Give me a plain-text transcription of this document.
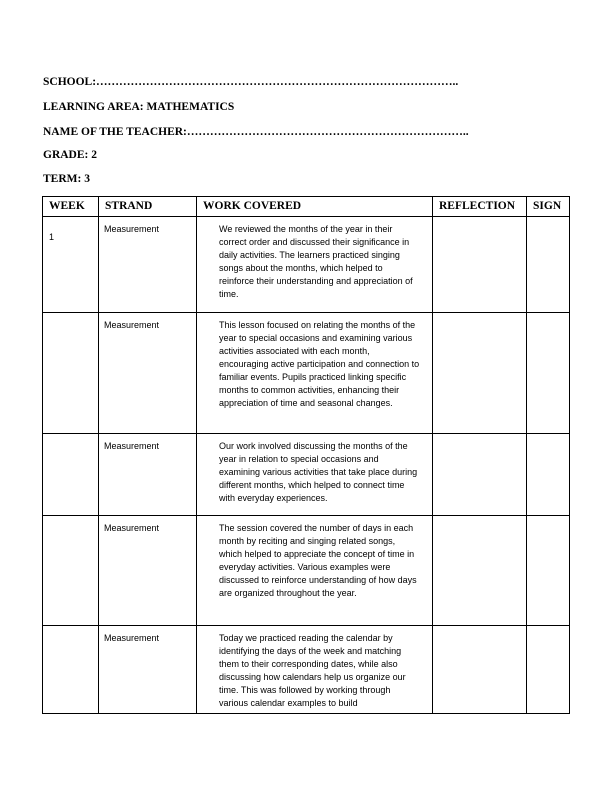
SCHOOL:…………………………………………………………………………………..
LEARNING AREA: MATHEMATICS
NAME OF THE TEACHER:………………………………………………………………..
GRADE: 2
TERM: 3
WEEK	STRAND	WORK COVERED	REFLECTION	SIGN
1	Measurement	We reviewed the months of the year in their correct order and discussed their significance in daily activities. The learners practiced singing songs about the months, which helped to reinforce their understanding and appreciation of time.		
	Measurement	This lesson focused on relating the months of the year to special occasions and examining various activities associated with each month, encouraging active participation and connection to familiar events. Pupils practiced linking specific months to common activities, enhancing their appreciation of time and seasonal changes.		
	Measurement	Our work involved discussing the months of the year in relation to special occasions and examining various activities that take place during different months, which helped to connect time with everyday experiences.		
	Measurement	The session covered the number of days in each month by reciting and singing related songs, which helped to appreciate the concept of time in everyday activities. Various examples were discussed to reinforce understanding of how days are organized throughout the year.		
	Measurement	Today we practiced reading the calendar by identifying the days of the week and matching them to their corresponding dates, while also discussing how calendars help us organize our time. This was followed by working through various calendar examples to build		
